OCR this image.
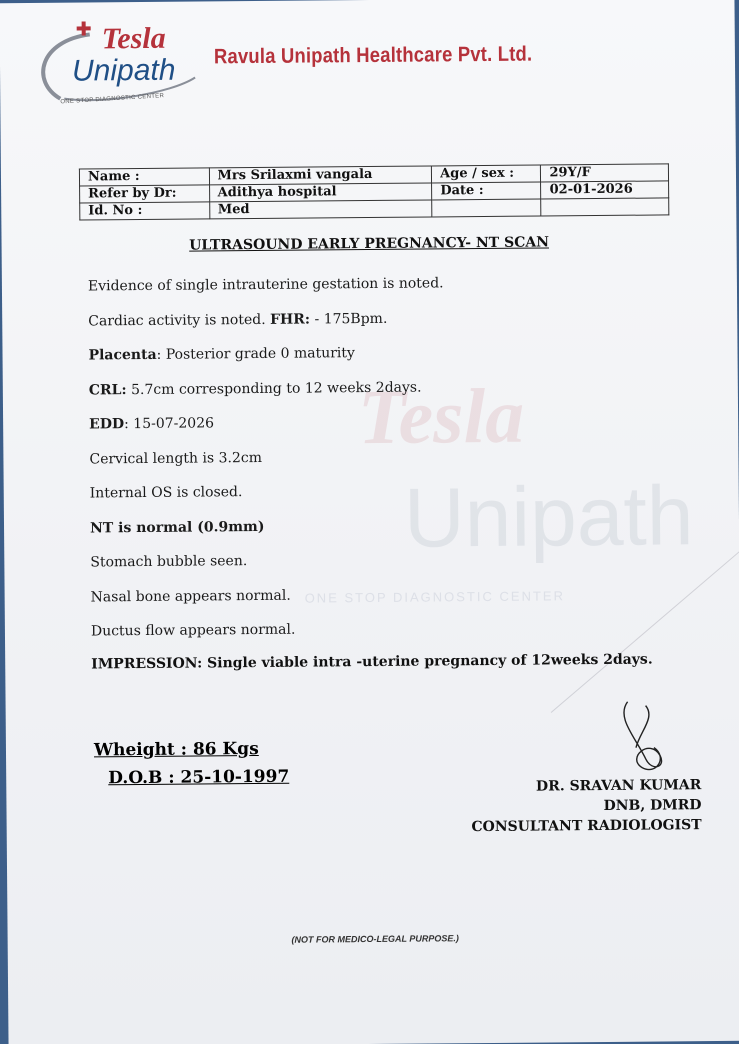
Tesla
Unipath
ONE STOP DIAGNOSTIC CENTER
Ravula Unipath Healthcare Pvt. Ltd.
Tesla
Unipath
ONE STOP DIAGNOSTIC CENTER
Name :	Mrs Srilaxmi vangala	Age / sex :	29Y/F
Refer by Dr:	Adithya hospital	Date :	02-01-2026
Id. No :	Med		
ULTRASOUND EARLY PREGNANCY- NT SCAN
Evidence of single intrauterine gestation is noted.
Cardiac activity is noted. FHR: - 175Bpm.
Placenta: Posterior grade 0 maturity
CRL: 5.7cm corresponding to 12 weeks 2days.
EDD: 15-07-2026
Cervical length is 3.2cm
Internal OS is closed.
NT is normal (0.9mm)
Stomach bubble seen.
Nasal bone appears normal.
Ductus flow appears normal.
IMPRESSION: Single viable intra -uterine pregnancy of 12weeks 2days.
Wheight : 86 Kgs
D.O.B : 25-10-1997	DR. SRAVAN KUMAR
DNB, DMRD
CONSULTANT RADIOLOGIST
(NOT FOR MEDICO-LEGAL PURPOSE.)
